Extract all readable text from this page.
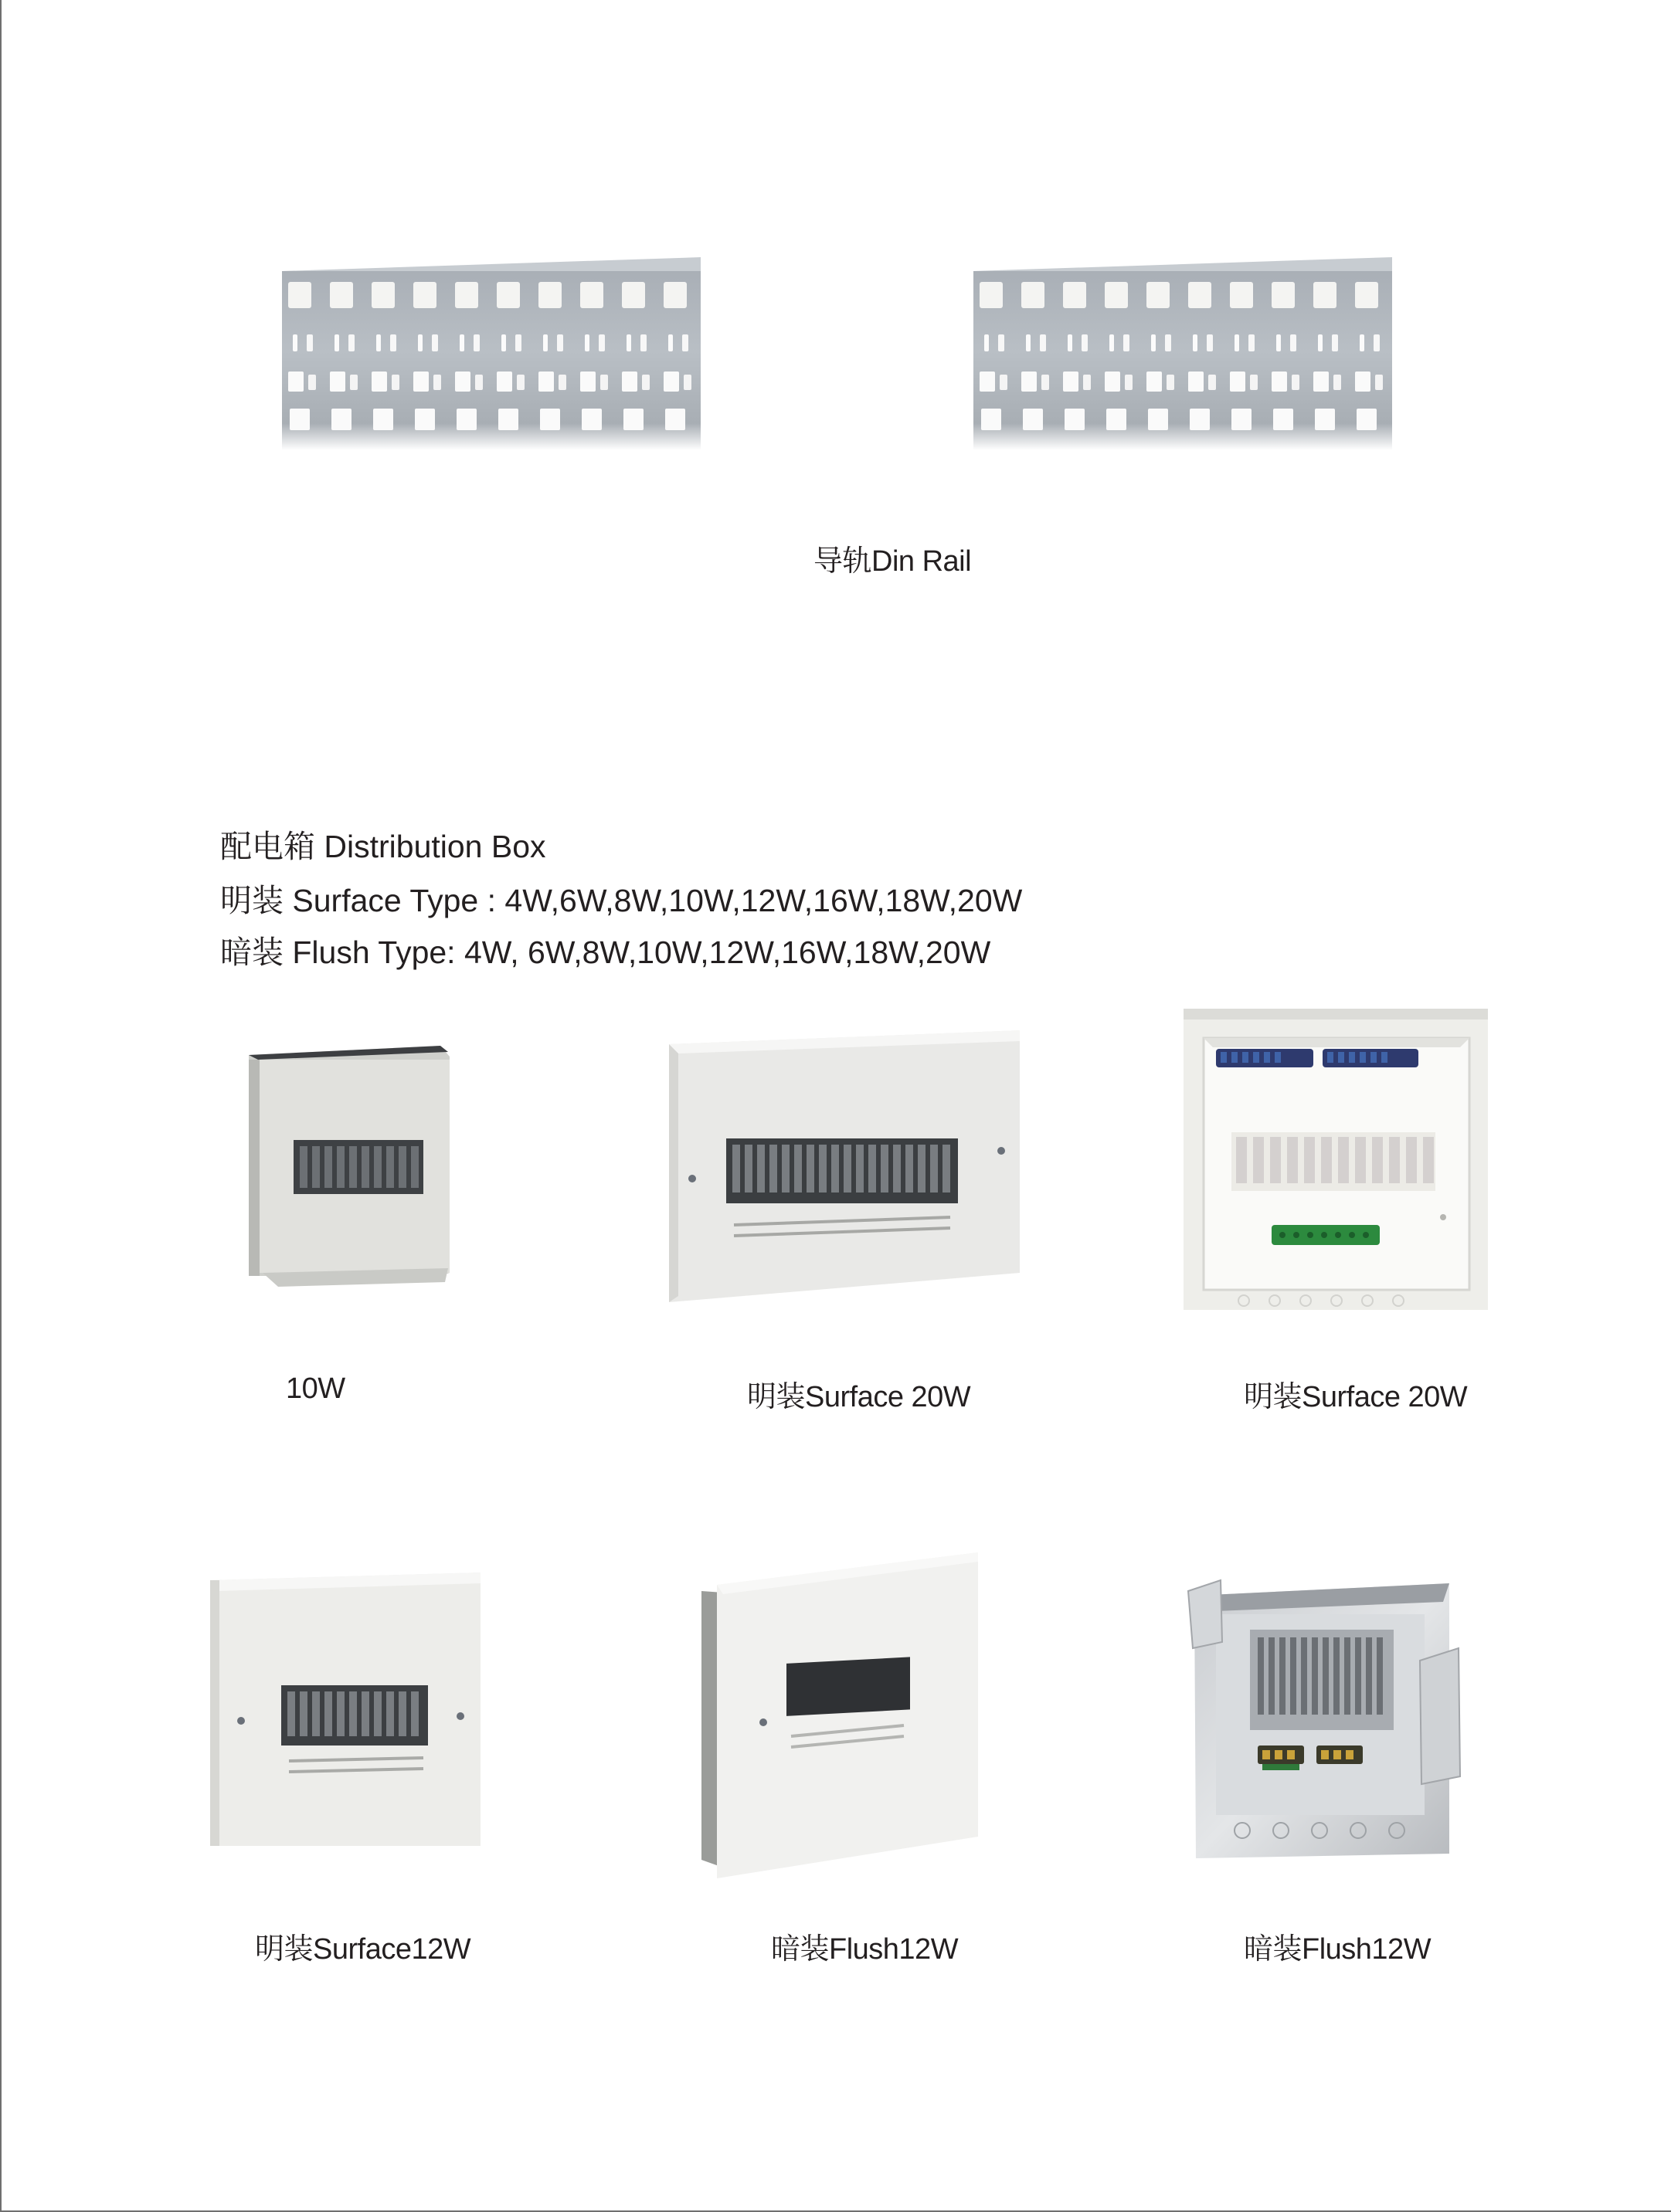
导轨Din Rail
配电箱 Distribution Box
明装 Surface Type : 4W,6W,8W,10W,12W,16W,18W,20W
暗装 Flush Type: 4W, 6W,8W,10W,12W,16W,18W,20W
10W	明装Surface 20W	明装Surface 20W
明装Surface12W	暗装Flush12W	暗装Flush12W
